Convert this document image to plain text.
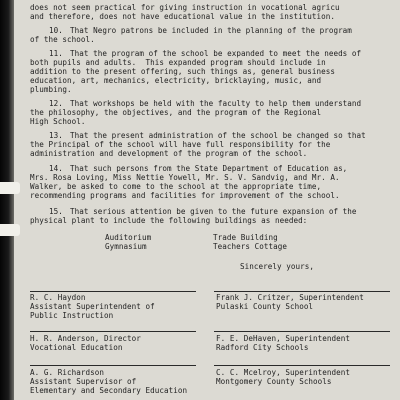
does not seem practical for giving instruction in vocational agricu
and therefore, does not have educational value in the institution.
10. That Negro patrons be included in the planning of the program
of the school.
11. That the program of the school be expanded to meet the needs of
both pupils and adults.  This expanded program should include in
addition to the present offering, such things as, general business
education, art, mechanics, electricity, bricklaying, music, and
plumbing.
12. That workshops be held with the faculty to help them understand
the philosophy, the objectives, and the program of the Regional
High School.
13. That the present administration of the school be changed so that
the Principal of the school will have full responsibility for the
administration and development of the program of the school.
14. That such persons from the State Department of Education as,
Mrs. Rosa Loving, Miss Nettie Yowell, Mr. S. V. Sandvig, and Mr. A.
Walker, be asked to come to the school at the appropriate time,
recommending programs and facilities for improvement of the school.
15. That serious attention be given to the future expansion of the
physical plant to include the following buildings as needed:
Auditorium
Gymnasium
Trade Building
Teachers Cottage
Sincerely yours,
R. C. Haydon
Assistant Superintendent of
Public Instruction
Frank J. Critzer, Superintendent
Pulaski County School
H. R. Anderson, Director
Vocational Education
F. E. DeHaven, Superintendent
Radford City Schools
A. G. Richardson
Assistant Supervisor of
Elementary and Secondary Education
C. C. Mcelroy, Superintendent
Montgomery County Schools
